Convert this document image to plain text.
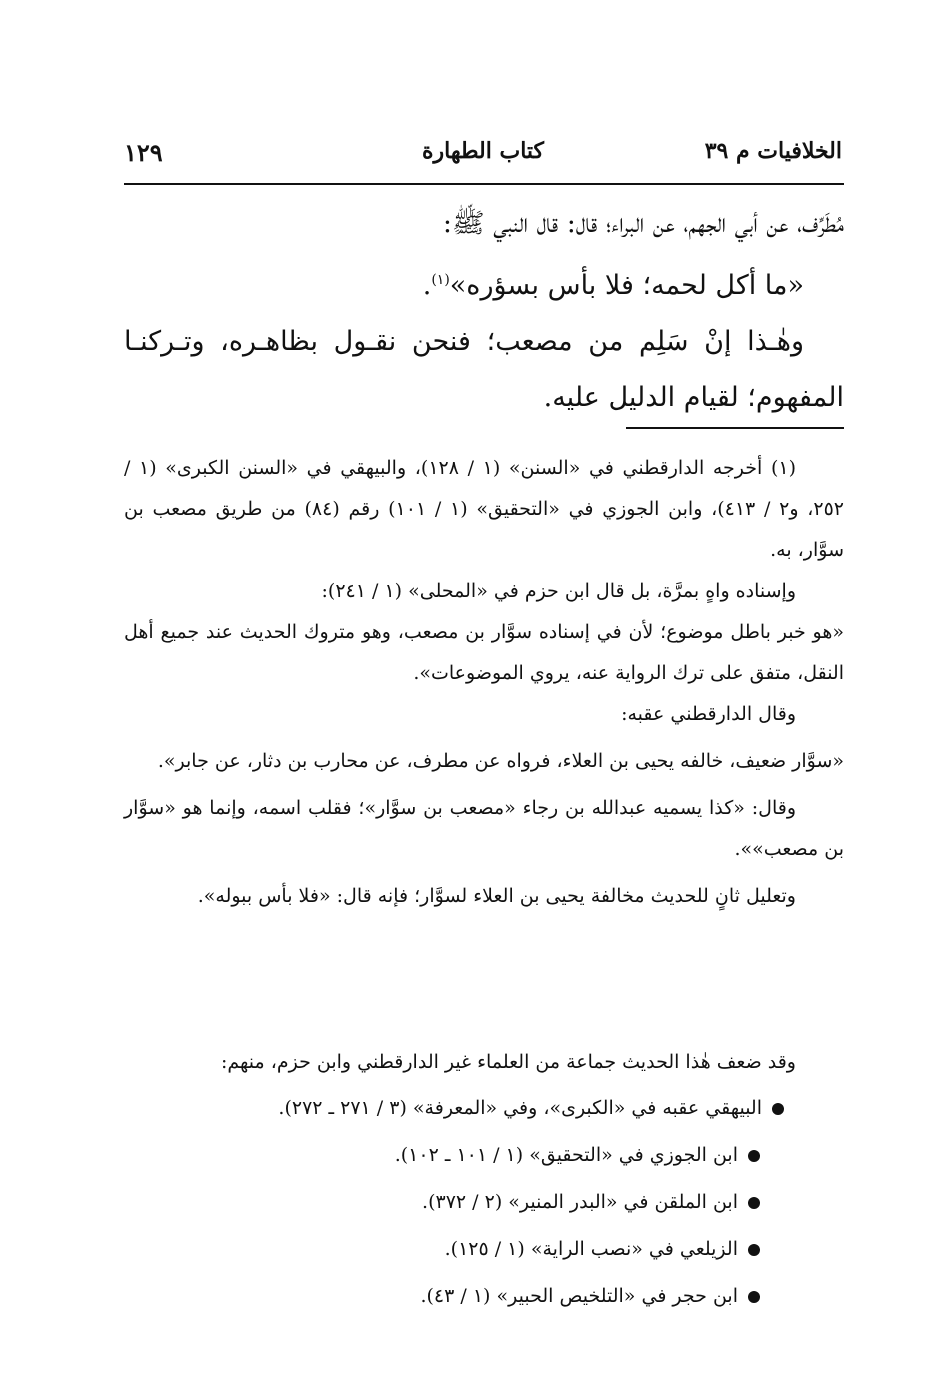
الخلافيات م ٣٩
كتاب الطهارة
١٢٩

مُطَرِّف، عن أبي الجهم، عن البراء؛ قال: قال النبي ﷺ:

«ما أكل لحمه؛ فلا بأس بسؤره»$^{(١)}$.

وهٰـذا إنْ سَلِم من مصعب؛ فنحن نقـول بظاهـره، وتـركنـا المفهوم؛ لقيام الدليل عليه.

(١) أخرجه الدارقطني في «السنن» (١ / ١٢٨)، والبيهقي في «السنن الكبرى» (١ / ٢٥٢، و٢ / ٤١٣)، وابن الجوزي في «التحقيق» (١ / ١٠١) رقم (٨٤) من طريق مصعب بن سوَّار، به.

وإسناده واهٍ بمرَّة، بل قال ابن حزم في «المحلى» (١ / ٢٤١):

«هو خبر باطل موضوع؛ لأن في إسناده سوَّار بن مصعب، وهو متروك الحديث عند جميع أهل النقل، متفق على ترك الرواية عنه، يروي الموضوعات».

وقال الدارقطني عقبه:

«سوَّار ضعيف، خالفه يحيى بن العلاء، فرواه عن مطرف، عن محارب بن دثار، عن جابر».

وقال: «كذا يسميه عبدالله بن رجاء «مصعب بن سوَّار»؛ فقلب اسمه، وإنما هو «سوَّار بن مصعب»».

وتعليل ثانٍ للحديث مخالفة يحيى بن العلاء لسوَّار؛ فإنه قال: «فلا بأس ببوله».

وقد ضعف هٰذا الحديث جماعة من العلماء غير الدارقطني وابن حزم، منهم:

البيهقي عقبه في «الكبرى»، وفي «المعرفة» (٣ / ٢٧١ ـ ٢٧٢).
ابن الجوزي في «التحقيق» (١ / ١٠١ ـ ١٠٢).
ابن الملقن في «البدر المنير» (٢ / ٣٧٢).
الزيلعي في «نصب الراية» (١ / ١٢٥).
ابن حجر في «التلخيص الحبير» (١ / ٤٣).
